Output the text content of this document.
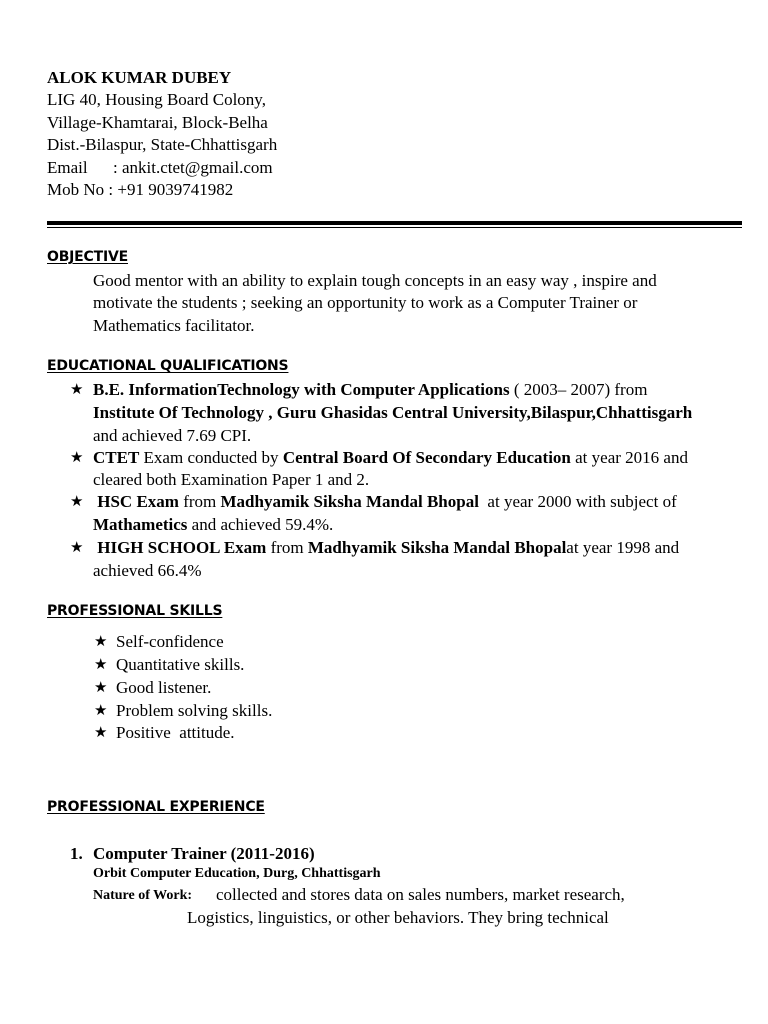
ALOK KUMAR DUBEY
LIG 40, Housing Board Colony,
Village-Khamtarai, Block-Belha
Dist.-Bilaspur, State-Chhattisgarh
Email : ankit.ctet@gmail.com
Mob No : +91 9039741982
OBJECTIVE
Good mentor with an ability to explain tough concepts in an easy way , inspire and
motivate the students ; seeking an opportunity to work as a Computer Trainer or
Mathematics facilitator.
EDUCATIONAL QUALIFICATIONS
★ B.E. InformationTechnology with Computer Applications ( 2003– 2007) from
Institute Of Technology , Guru Ghasidas Central University,Bilaspur,Chhattisgarh
and achieved 7.69 CPI.
★ CTET Exam conducted by Central Board Of Secondary Education at year 2016 and
cleared both Examination Paper 1 and 2.
★ HSC Exam from Madhyamik Siksha Mandal Bhopal  at year 2000 with subject of
Mathametics and achieved 59.4%.
★ HIGH SCHOOL Exam from Madhyamik Siksha Mandal Bhopalat year 1998 and
achieved 66.4%
PROFESSIONAL SKILLS
★ Self-confidence
★ Quantitative skills.
★ Good listener.
★ Problem solving skills.
★ Positive  attitude.
PROFESSIONAL EXPERIENCE
1. Computer Trainer (2011-2016)
Orbit Computer Education, Durg, Chhattisgarh
Nature of Work: collected and stores data on sales numbers, market research,
Logistics, linguistics, or other behaviors. They bring technical
